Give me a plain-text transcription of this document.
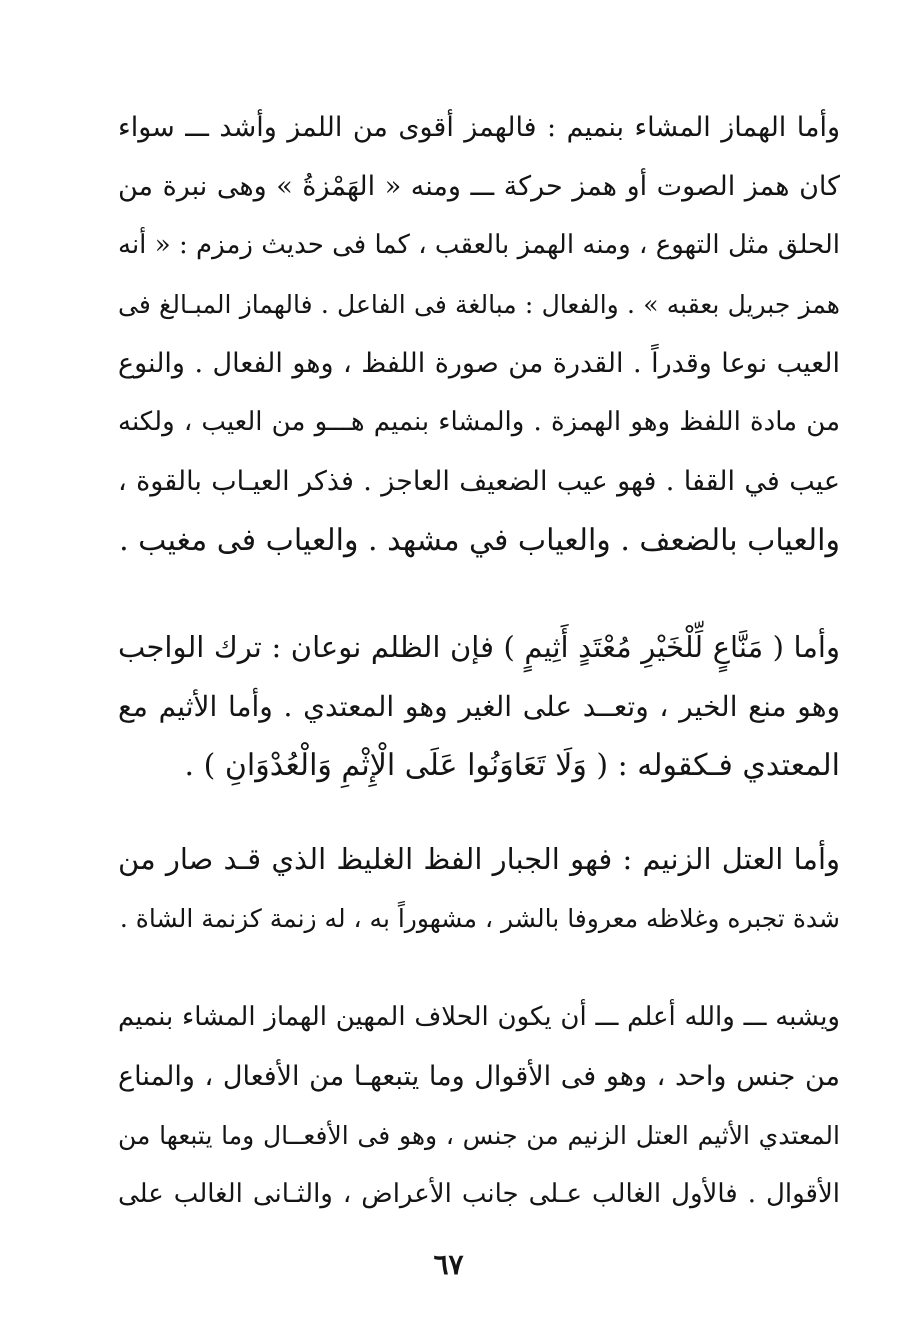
وأما الهماز المشاء بنميم : فالهمز أقوى من اللمز وأشد ـــ سواء
كان همز الصوت أو همز حركة ـــ ومنه « الهَمْزةُ » وهى نبرة من
الحلق مثل التهوع ، ومنه الهمز بالعقب ، كما فى حديث زمزم : « أنه
همز جبريل بعقبه » . والفعال : مبالغة فى الفاعل . فالهماز المبـالغ فى
العيب نوعا وقدراً . القدرة من صورة اللفظ ، وهو الفعال . والنوع
من مادة اللفظ وهو الهمزة . والمشاء بنميم هـــو من العيب ، ولكنه
عيب في القفا . فهو عيب الضعيف العاجز . فذكر العيـاب بالقوة ،
والعياب بالضعف . والعياب في مشهد . والعياب فى مغيب .
وأما ( مَنَّاعٍ لِّلْخَيْرِ مُعْتَدٍ أَثِيمٍ ) فإن الظلم نوعان : ترك الواجب
وهو منع الخير ، وتعــد على الغير وهو المعتدي . وأما الأثيم مع
المعتدي فـكقوله : ( وَلَا تَعَاوَنُوا عَلَى الْإِثْمِ وَالْعُدْوَانِ ) .
وأما العتل الزنيم : فهو الجبار الفظ الغليظ الذي قـد صار من
شدة تجبره وغلاظه معروفا بالشر ، مشهوراً به ، له زنمة كزنمة الشاة .
ويشبه ـــ والله أعلم ـــ أن يكون الحلاف المهين الهماز المشاء بنميم
من جنس واحد ، وهو فى الأقوال وما يتبعهـا من الأفعال ، والمناع
المعتدي الأثيم العتل الزنيم من جنس ، وهو فى الأفعــال وما يتبعها من
الأقوال . فالأول الغالب عـلى جانب الأعراض ، والثـانى الغالب على
٦٧
